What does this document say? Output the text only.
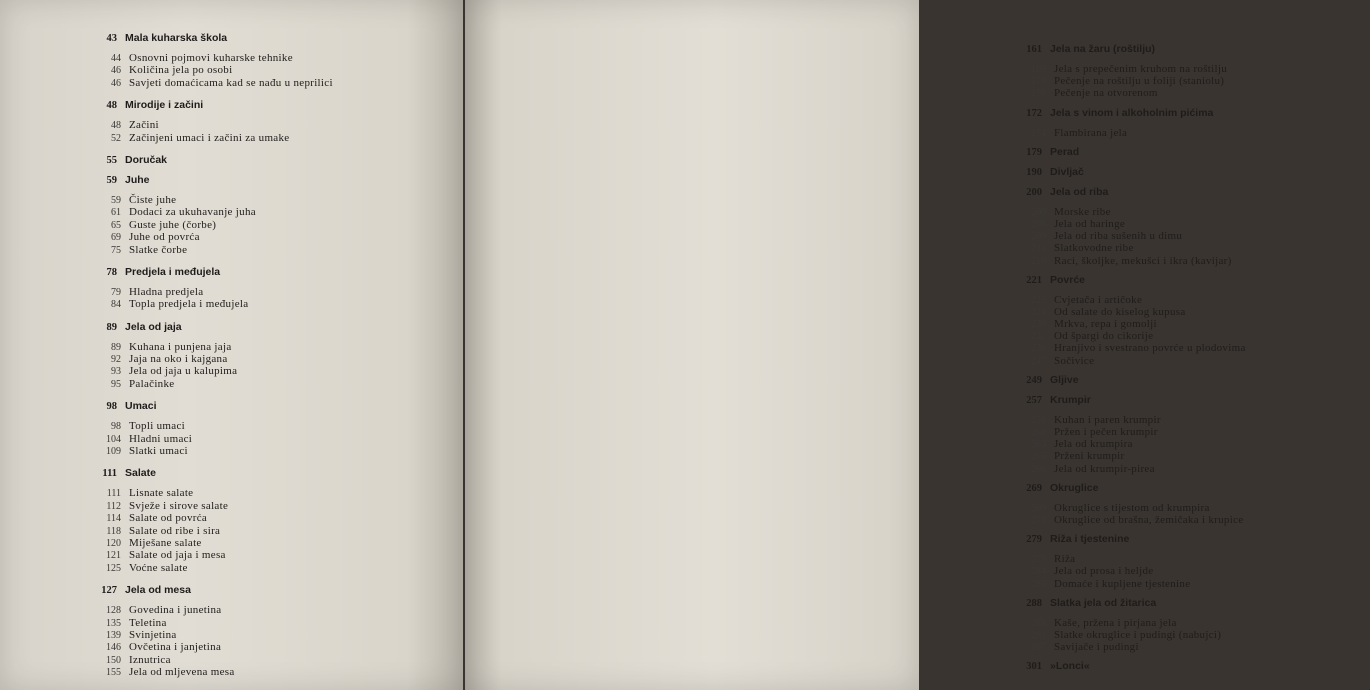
43 Mala kuharska škola
44 Osnovni pojmovi kuharske tehnike
46 Količina jela po osobi
46 Savjeti domaćicama kad se nađu u neprilici
48 Mirodije i začini
48 Začini
52 Začinjeni umaci i začini za umake
55 Doručak
59 Juhe
59 Čiste juhe
61 Dodaci za ukuhavanje juha
65 Guste juhe (čorbe)
69 Juhe od povrća
75 Slatke čorbe
78 Predjela i međujela
79 Hladna predjela
84 Topla predjela i međujela
89 Jela od jaja
89 Kuhana i punjena jaja
92 Jaja na oko i kajgana
93 Jela od jaja u kalupima
95 Palačinke
98 Umaci
98 Topli umaci
104 Hladni umaci
109 Slatki umaci
111 Salate
111 Lisnate salate
112 Svježe i sirove salate
114 Salate od povrća
118 Salate od ribe i sira
120 Miješane salate
121 Salate od jaja i mesa
125 Voćne salate
127 Jela od mesa
128 Govedina i junetina
135 Teletina
139 Svinjetina
146 Ovčetina i janjetina
150 Iznutrica
155 Jela od mljevena mesa
161 Jela na žaru (roštilju)
169 Jela s prepečenim kruhom na roštilju
170 Pečenje na roštilju u foliji (staniolu)
170 Pečenje na otvorenom
172 Jela s vinom i alkoholnim pićima
174 Flambirana jela
179 Perad
190 Divljač
200 Jela od riba
200 Morske ribe
208 Jela od haringe
209 Jela od riba sušenih u dimu
211 Slatkovodne ribe
216 Raci, školjke, mekušci i ikra (kavijar)
221 Povrće
222 Cvjetača i artičoke
224 Od salate do kiselog kupusa
230 Mrkva, repa i gomolji
232 Od špargi do cikorije
236 Hranjivo i svestrano povrće u plodovima
247 Sočivice
249 Gljive
257 Krumpir
258 Kuhan i paren krumpir
261 Pržen i pečen krumpir
263 Jela od krumpira
265 Prženi krumpir
266 Jela od krumpir-pirea
269 Okruglice
269 Okruglice s tijestom od krumpira
273 Okruglice od brašna, žemičaka i krupice
279 Riža i tjestenine
279 Riža
284 Jela od prosa i heljde
285 Domaće i kupljene tjestenine
288 Slatka jela od žitarica
288 Kaše, pržena i pirjana jela
291 Slatke okruglice i pudingi (nabujci)
297 Savijače i pudingi
301 »Lonci«
